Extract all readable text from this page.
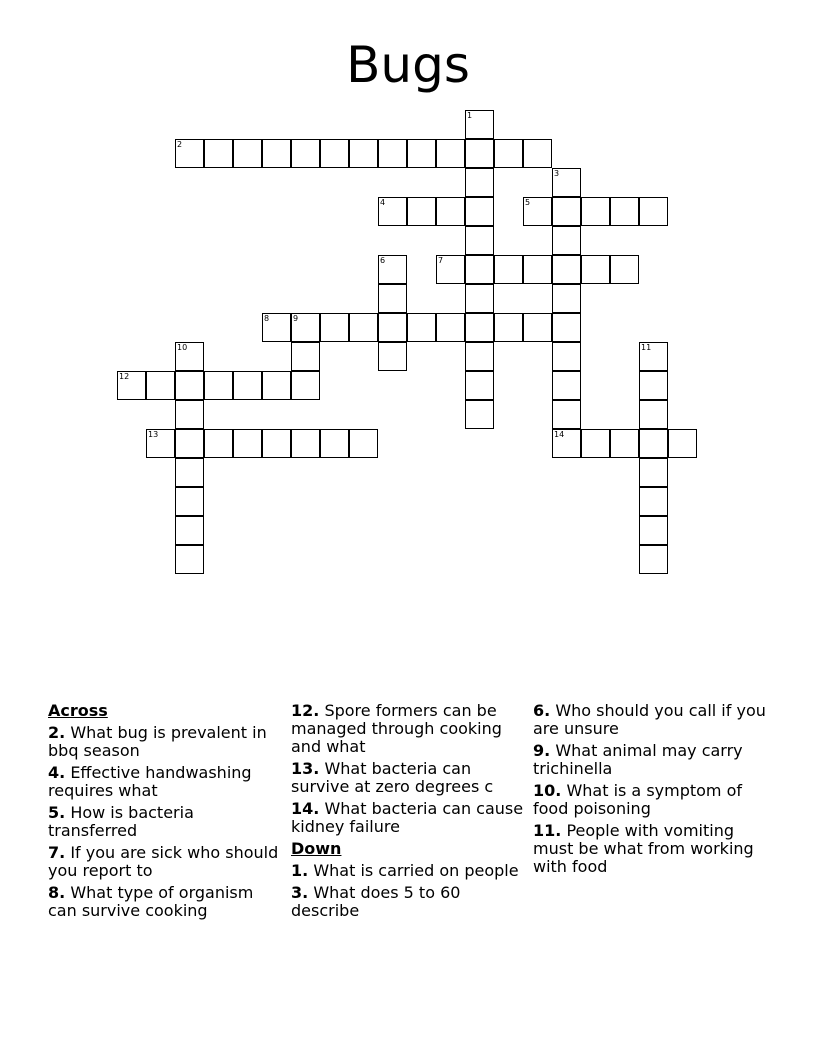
Bugs
1
2
3
4	5
6	7
8	9
10	11
12
13	14
Across
2. What bug is prevalent in bbq season
4. Effective handwashing requires what
5. How is bacteria transferred
7. If you are sick who should you report to
8. What type of organism can survive cooking
12. Spore formers can be managed through cooking and what
13. What bacteria can survive at zero degrees c
14. What bacteria can cause kidney failure
Down
1. What is carried on people
3. What does 5 to 60 describe
6. Who should you call if you are unsure
9. What animal may carry trichinella
10. What is a symptom of food poisoning
11. People with vomiting must be what from working with food
